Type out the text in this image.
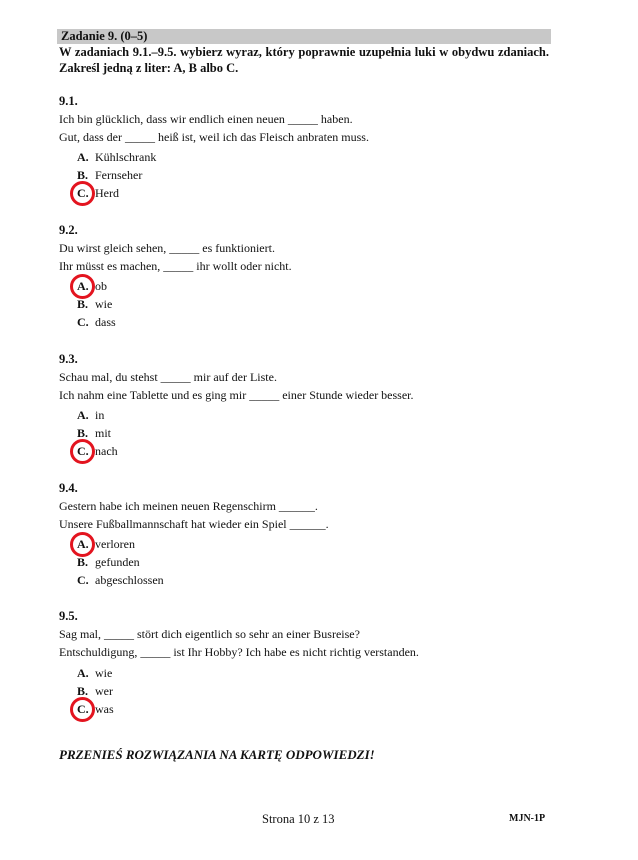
Zadanie 9. (0–5)
W zadaniach 9.1.–9.5. wybierz wyraz, który poprawnie uzupełnia luki w obydwu zdaniach. Zakreśl jedną z liter: A, B albo C.
9.1.
Ich bin glücklich, dass wir endlich einen neuen _____ haben.
Gut, dass der _____ heiß ist, weil ich das Fleisch anbraten muss.
A. Kühlschrank
B. Fernseher
C. Herd
9.2.
Du wirst gleich sehen, _____ es funktioniert.
Ihr müsst es machen, _____ ihr wollt oder nicht.
A. ob
B. wie
C. dass
9.3.
Schau mal, du stehst _____ mir auf der Liste.
Ich nahm eine Tablette und es ging mir _____ einer Stunde wieder besser.
A. in
B. mit
C. nach
9.4.
Gestern habe ich meinen neuen Regenschirm ______.
Unsere Fußballmannschaft hat wieder ein Spiel ______.
A. verloren
B. gefunden
C. abgeschlossen
9.5.
Sag mal, _____ stört dich eigentlich so sehr an einer Busreise?
Entschuldigung, _____ ist Ihr Hobby? Ich habe es nicht richtig verstanden.
A. wie
B. wer
C. was
PRZENIEŚ ROZWIĄZANIA NA KARTĘ ODPOWIEDZI!
Strona 10 z 13	MJN-1P
